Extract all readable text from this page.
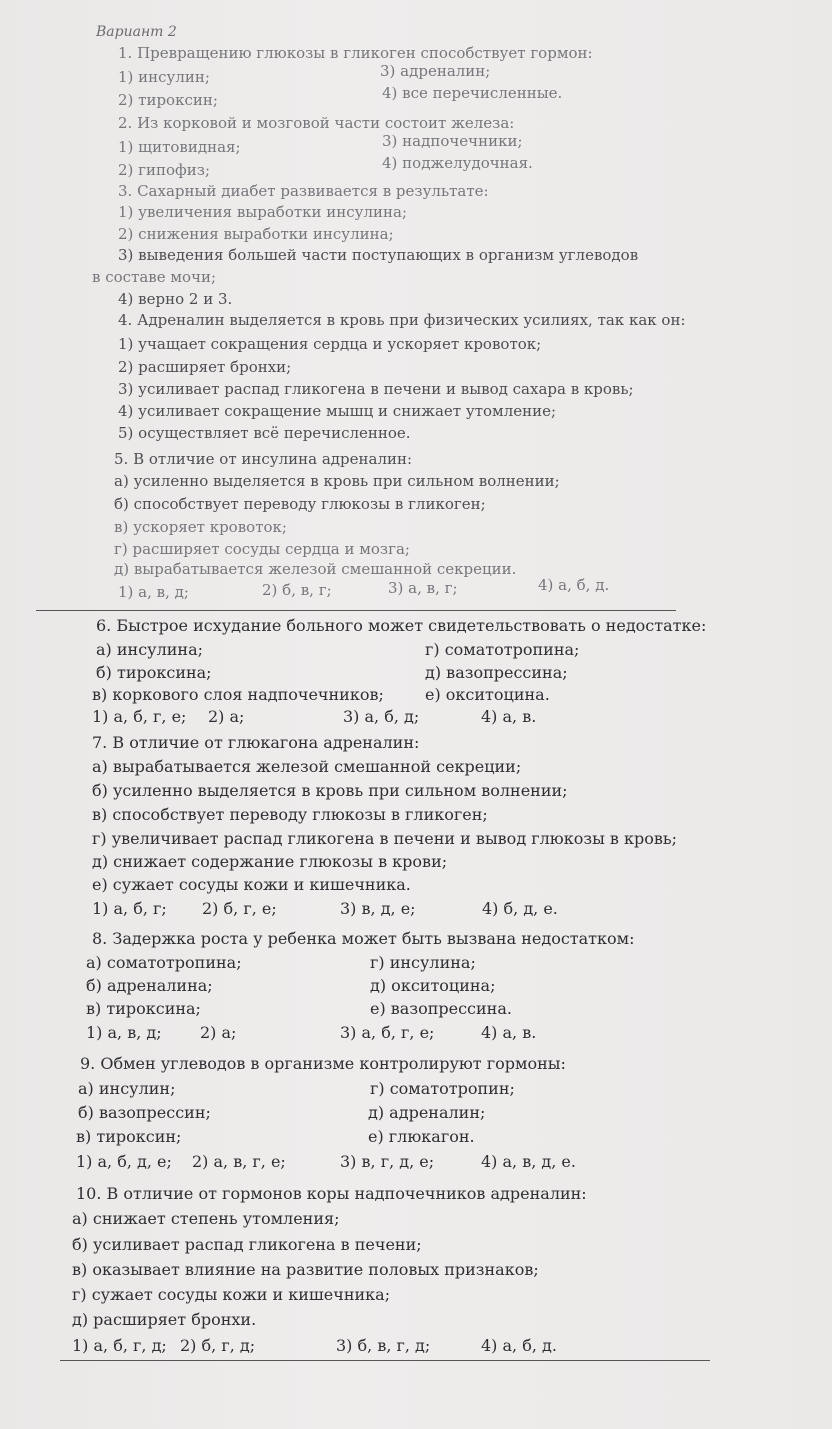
Вариант 2
1. Превращению глюкозы в гликоген способствует гормон:
1) инсулин;	3) адреналин;
2) тироксин;	4) все перечисленные.
2. Из корковой и мозговой части состоит железа:
1) щитовидная;	3) надпочечники;
2) гипофиз;	4) поджелудочная.
3. Сахарный диабет развивается в результате:
1) увеличения выработки инсулина;
2) снижения выработки инсулина;
3) выведения большей части поступающих в организм углеводов
в составе мочи;
4) верно 2 и 3.
4. Адреналин выделяется в кровь при физических усилиях, так как он:
1) учащает сокращения сердца и ускоряет кровоток;
2) расширяет бронхи;
3) усиливает распад гликогена в печени и вывод сахара в кровь;
4) усиливает сокращение мышц и снижает утомление;
5) осуществляет всё перечисленное.
5. В отличие от инсулина адреналин:
а) усиленно выделяется в кровь при сильном волнении;
б) способствует переводу глюкозы в гликоген;
в) ускоряет кровоток;
г) расширяет сосуды сердца и мозга;
д) вырабатывается железой смешанной секреции.
1) а, в, д;	2) б, в, г;	3) а, в, г;	4) а, б, д.
6. Быстрое исхудание больного может свидетельствовать о недостатке:
а) инсулина;	г) соматотропина;
б) тироксина;	д) вазопрессина;
в) коркового слоя надпочечников;	е) окситоцина.
1) а, б, г, е; 2) а;	3) а, б, д;	4) а, в.
7. В отличие от глюкагона адреналин:
а) вырабатывается железой смешанной секреции;
б) усиленно выделяется в кровь при сильном волнении;
в) способствует переводу глюкозы в гликоген;
г) увеличивает распад гликогена в печени и вывод глюкозы в кровь;
д) снижает содержание глюкозы в крови;
е) сужает сосуды кожи и кишечника.
1) а, б, г; 2) б, г, е;	3) в, д, е;	4) б, д, е.
8. Задержка роста у ребенка может быть вызвана недостатком:
а) соматотропина;	г) инсулина;
б) адреналина;	д) окситоцина;
в) тироксина;	е) вазопрессина.
1) а, в, д; 2) а;	3) а, б, г, е;	4) а, в.
9. Обмен углеводов в организме контролируют гормоны:
а) инсулин;	г) соматотропин;
б) вазопрессин;	д) адреналин;
в) тироксин;	е) глюкагон.
1) а, б, д, е; 2) а, в, г, е;	3) в, г, д, е;	4) а, в, д, е.
10. В отличие от гормонов коры надпочечников адреналин:
а) снижает степень утомления;
б) усиливает распад гликогена в печени;
в) оказывает влияние на развитие половых признаков;
г) сужает сосуды кожи и кишечника;
д) расширяет бронхи.
1) а, б, г, д; 2) б, г, д;	3) б, в, г, д;	4) а, б, д.
